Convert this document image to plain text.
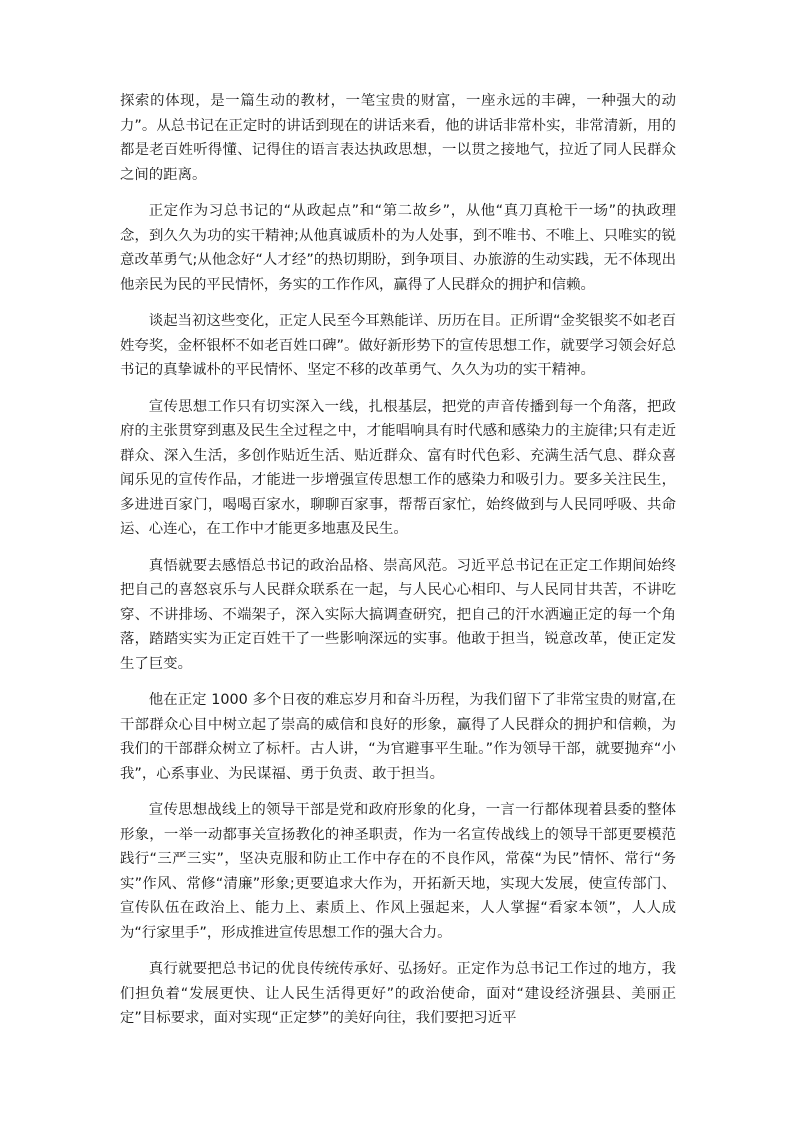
探索的体现，是一篇生动的教材，一笔宝贵的财富，一座永远的丰碑，一种强大的动力”。从总书记在正定时的讲话到现在的讲话来看，他的讲话非常朴实，非常清新，用的都是老百姓听得懂、记得住的语言表达执政思想，一以贯之接地气，拉近了同人民群众之间的距离。

正定作为习总书记的“从政起点”和“第二故乡”，从他“真刀真枪干一场”的执政理念，到久久为功的实干精神;从他真诚质朴的为人处事，到不唯书、不唯上、只唯实的锐意改革勇气;从他念好“人才经”的热切期盼，到争项目、办旅游的生动实践，无不体现出他亲民为民的平民情怀，务实的工作作风，赢得了人民群众的拥护和信赖。

谈起当初这些变化，正定人民至今耳熟能详、历历在目。正所谓“金奖银奖不如老百姓夸奖，金杯银杯不如老百姓口碑”。做好新形势下的宣传思想工作，就要学习领会好总书记的真挚诚朴的平民情怀、坚定不移的改革勇气、久久为功的实干精神。

宣传思想工作只有切实深入一线，扎根基层，把党的声音传播到每一个角落，把政府的主张贯穿到惠及民生全过程之中，才能唱响具有时代感和感染力的主旋律;只有走近群众、深入生活，多创作贴近生活、贴近群众、富有时代色彩、充满生活气息、群众喜闻乐见的宣传作品，才能进一步增强宣传思想工作的感染力和吸引力。要多关注民生，多进进百家门，喝喝百家水，聊聊百家事，帮帮百家忙，始终做到与人民同呼吸、共命运、心连心，在工作中才能更多地惠及民生。

真悟就要去感悟总书记的政治品格、崇高风范。习近平总书记在正定工作期间始终把自己的喜怒哀乐与人民群众联系在一起，与人民心心相印、与人民同甘共苦，不讲吃穿、不讲排场、不端架子，深入实际大搞调查研究，把自己的汗水洒遍正定的每一个角落，踏踏实实为正定百姓干了一些影响深远的实事。他敢于担当，锐意改革，使正定发生了巨变。

他在正定 1000 多个日夜的难忘岁月和奋斗历程，为我们留下了非常宝贵的财富,在干部群众心目中树立起了崇高的威信和良好的形象，赢得了人民群众的拥护和信赖，为我们的干部群众树立了标杆。古人讲，“为官避事平生耻。”作为领导干部，就要抛弃“小我”，心系事业、为民谋福、勇于负责、敢于担当。

宣传思想战线上的领导干部是党和政府形象的化身，一言一行都体现着县委的整体形象，一举一动都事关宣扬教化的神圣职责，作为一名宣传战线上的领导干部更要模范践行“三严三实”，坚决克服和防止工作中存在的不良作风，常葆“为民”情怀、常行“务实”作风、常修“清廉”形象;更要追求大作为，开拓新天地，实现大发展，使宣传部门、宣传队伍在政治上、能力上、素质上、作风上强起来，人人掌握“看家本领”，人人成为“行家里手”，形成推进宣传思想工作的强大合力。

真行就要把总书记的优良传统传承好、弘扬好。正定作为总书记工作过的地方，我们担负着“发展更快、让人民生活得更好”的政治使命，面对“建设经济强县、美丽正定”目标要求，面对实现“正定梦”的美好向往，我们要把习近平
